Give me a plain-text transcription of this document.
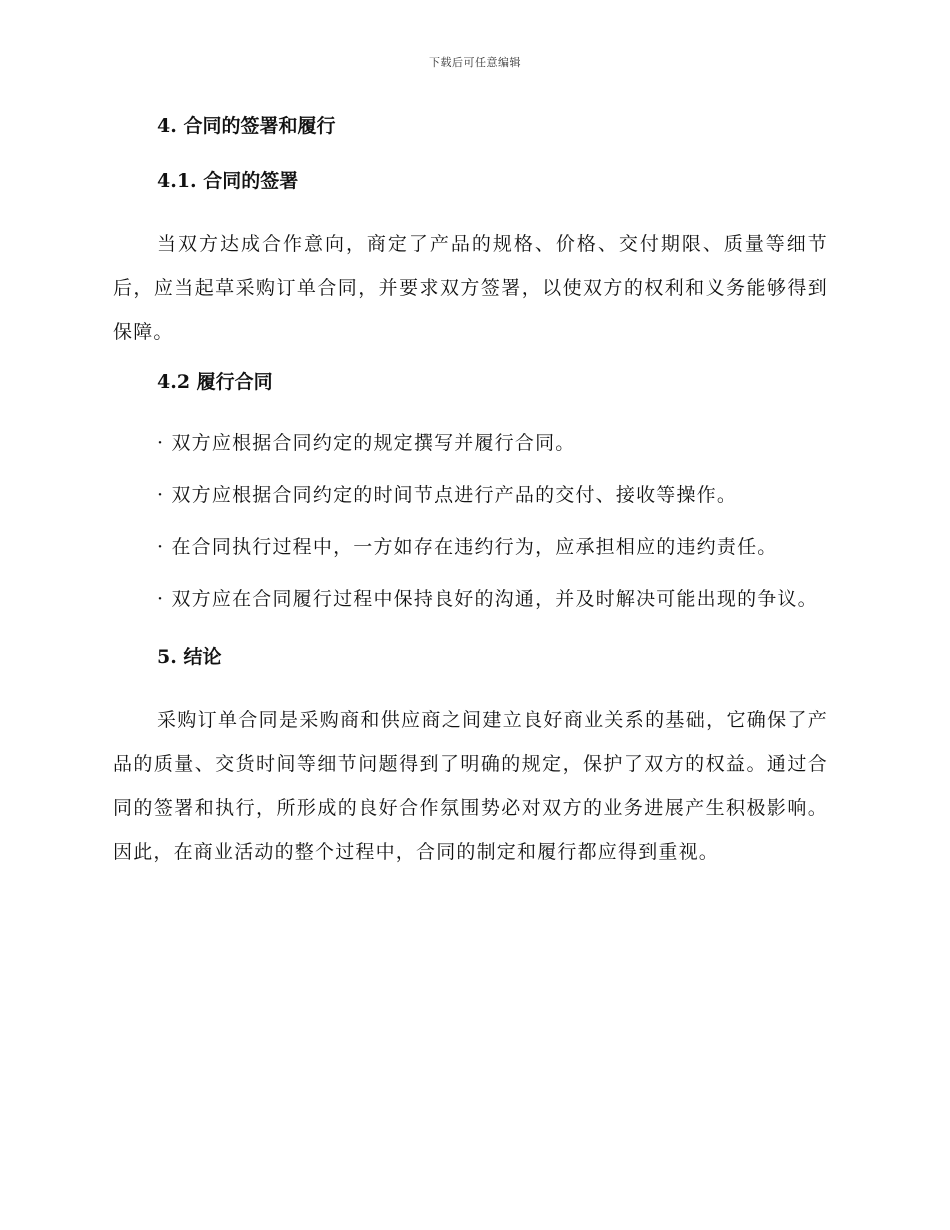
下载后可任意编辑
4. 合同的签署和履行
4.1. 合同的签署

当双方达成合作意向，商定了产品的规格、价格、交付期限、质量等细节后，应当起草采购订单合同，并要求双方签署，以使双方的权利和义务能够得到保障。

4.2 履行合同

· 双方应根据合同约定的规定撰写并履行合同。

· 双方应根据合同约定的时间节点进行产品的交付、接收等操作。

· 在合同执行过程中，一方如存在违约行为，应承担相应的违约责任。

· 双方应在合同履行过程中保持良好的沟通，并及时解决可能出现的争议。

5. 结论

采购订单合同是采购商和供应商之间建立良好商业关系的基础，它确保了产品的质量、交货时间等细节问题得到了明确的规定，保护了双方的权益。通过合同的签署和执行，所形成的良好合作氛围势必对双方的业务进展产生积极影响。因此，在商业活动的整个过程中，合同的制定和履行都应得到重视。
